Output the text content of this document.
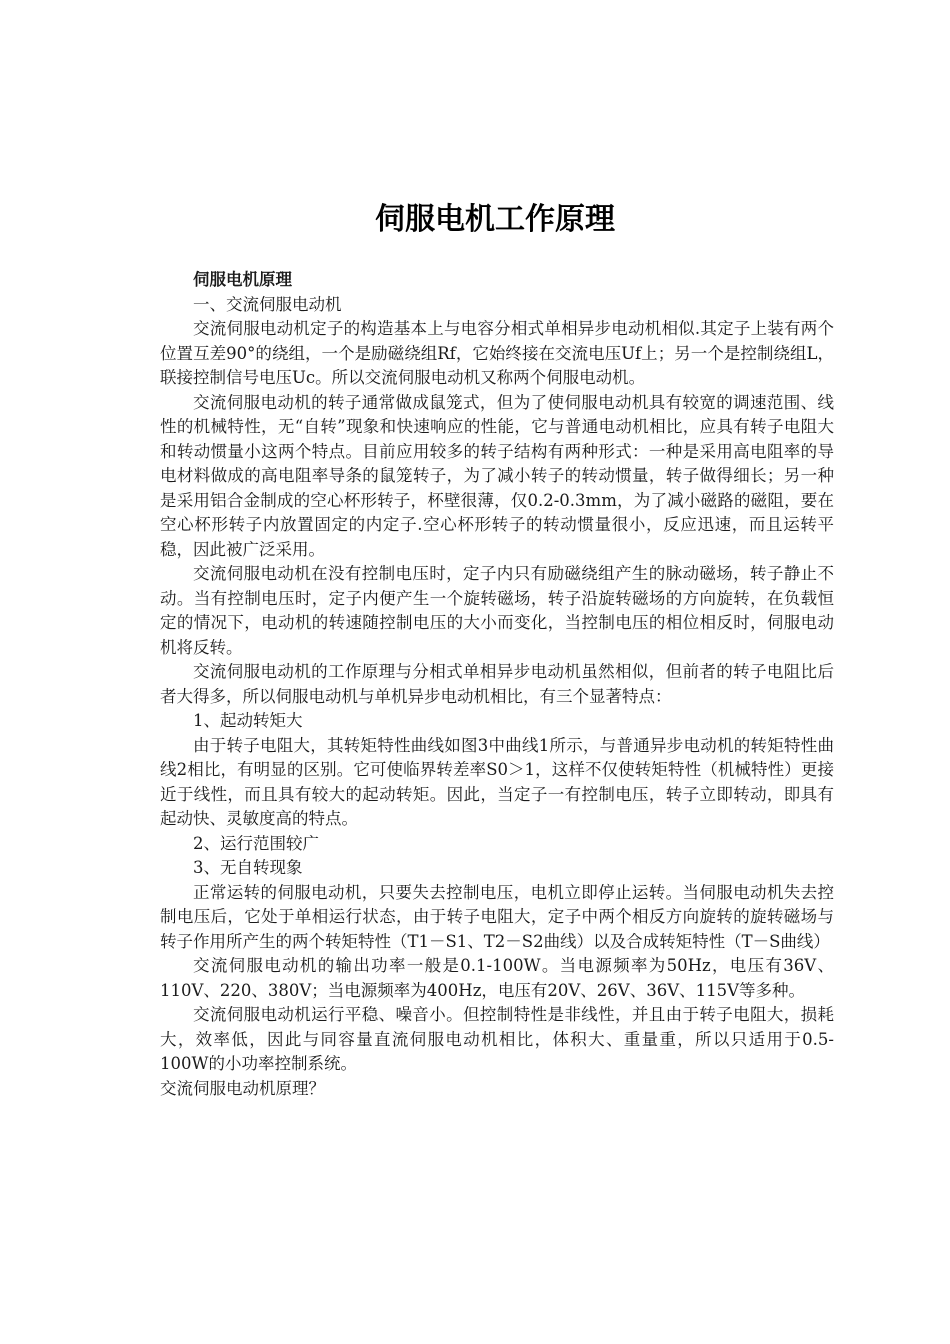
伺服电机工作原理

伺服电机原理

一、交流伺服电动机

交流伺服电动机定子的构造基本上与电容分相式单相异步电动机相似.其定子上装有两个位置互差90°的绕组，一个是励磁绕组Rf，它始终接在交流电压Uf上；另一个是控制绕组L，联接控制信号电压Uc。所以交流伺服电动机又称两个伺服电动机。

交流伺服电动机的转子通常做成鼠笼式，但为了使伺服电动机具有较宽的调速范围、线性的机械特性，无“自转”现象和快速响应的性能，它与普通电动机相比，应具有转子电阻大和转动惯量小这两个特点。目前应用较多的转子结构有两种形式：一种是采用高电阻率的导电材料做成的高电阻率导条的鼠笼转子，为了减小转子的转动惯量，转子做得细长；另一种是采用铝合金制成的空心杯形转子，杯壁很薄，仅0.2-0.3mm，为了减小磁路的磁阻，要在空心杯形转子内放置固定的内定子.空心杯形转子的转动惯量很小，反应迅速，而且运转平稳，因此被广泛采用。

交流伺服电动机在没有控制电压时，定子内只有励磁绕组产生的脉动磁场，转子静止不动。当有控制电压时，定子内便产生一个旋转磁场，转子沿旋转磁场的方向旋转，在负载恒定的情况下，电动机的转速随控制电压的大小而变化，当控制电压的相位相反时，伺服电动机将反转。

交流伺服电动机的工作原理与分相式单相异步电动机虽然相似，但前者的转子电阻比后者大得多，所以伺服电动机与单机异步电动机相比，有三个显著特点：

1、起动转矩大

由于转子电阻大，其转矩特性曲线如图3中曲线1所示，与普通异步电动机的转矩特性曲线2相比，有明显的区别。它可使临界转差率S0＞1，这样不仅使转矩特性（机械特性）更接近于线性，而且具有较大的起动转矩。因此，当定子一有控制电压，转子立即转动，即具有起动快、灵敏度高的特点。

2、运行范围较广

3、无自转现象

正常运转的伺服电动机，只要失去控制电压，电机立即停止运转。当伺服电动机失去控制电压后，它处于单相运行状态，由于转子电阻大，定子中两个相反方向旋转的旋转磁场与转子作用所产生的两个转矩特性（T1－S1、T2－S2曲线）以及合成转矩特性（T－S曲线）

交流伺服电动机的输出功率一般是0.1-100W。当电源频率为50Hz，电压有36V、110V、220、380V；当电源频率为400Hz，电压有20V、26V、36V、115V等多种。

交流伺服电动机运行平稳、噪音小。但控制特性是非线性，并且由于转子电阻大，损耗大，效率低，因此与同容量直流伺服电动机相比，体积大、重量重，所以只适用于0.5-100W的小功率控制系统。

交流伺服电动机原理？
